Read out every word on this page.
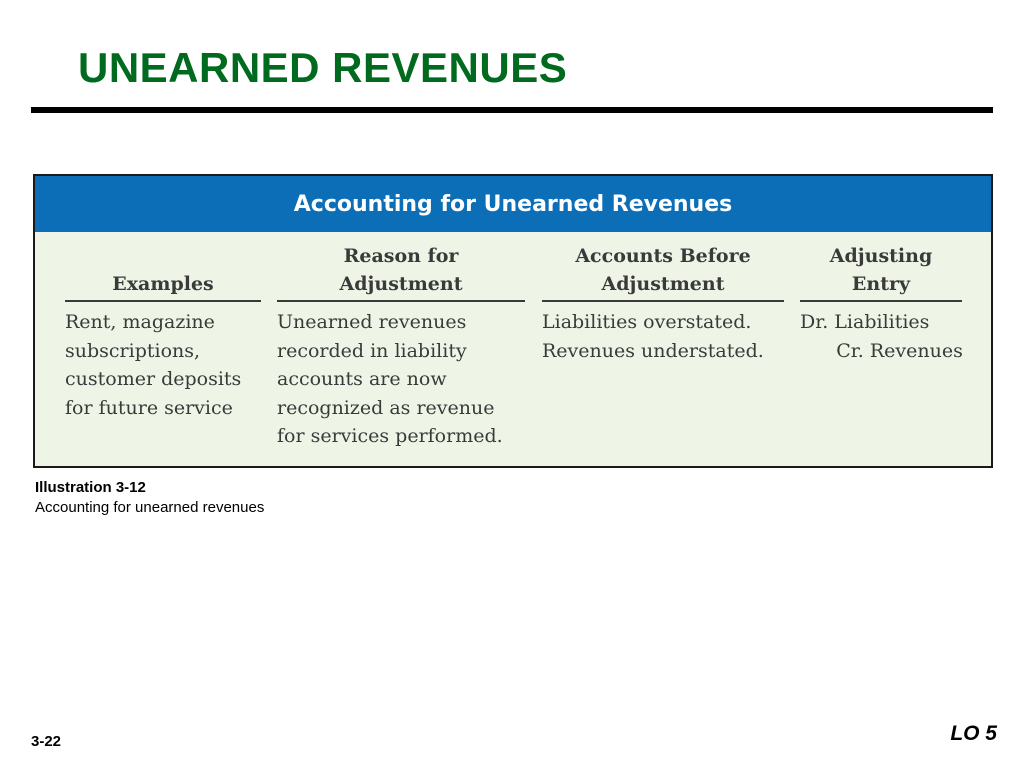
UNEARNED REVENUES
Accounting for Unearned Revenues
Examples
Rent, magazine
subscriptions,
customer deposits
for future service
Reason for
Adjustment
Unearned revenues
recorded in liability
accounts are now
recognized as revenue
for services performed.
Accounts Before
Adjustment
Liabilities overstated.
Revenues understated.
Adjusting
Entry
Dr. Liabilities
Cr. Revenues
Illustration 3-12
Accounting for unearned revenues
3-22	LO 5
